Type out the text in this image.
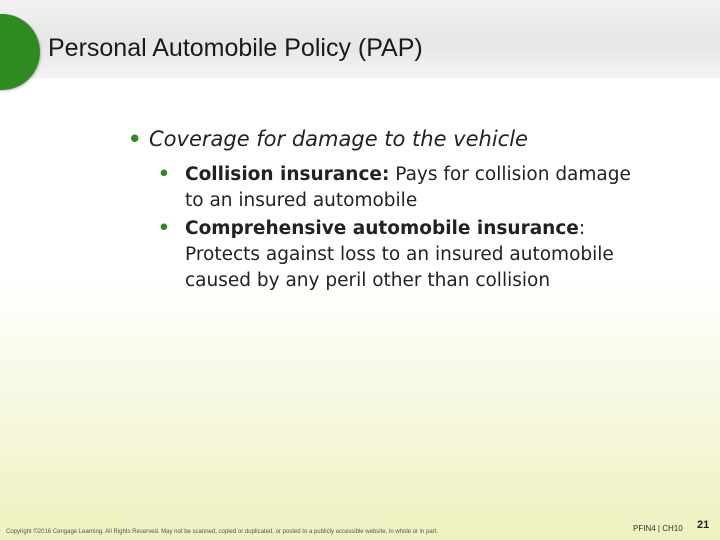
Personal Automobile Policy (PAP)
• Coverage for damage to the vehicle
• Collision insurance: Pays for collision damage to an insured automobile
• Comprehensive automobile insurance: Protects against loss to an insured automobile caused by any peril other than collision
Copyright ©2016 Cengage Learning. All Rights Reserved. May not be scanned, copied or duplicated, or posted to a publicly accessible website, in whole or in part.	PFIN4 | CH10 21
